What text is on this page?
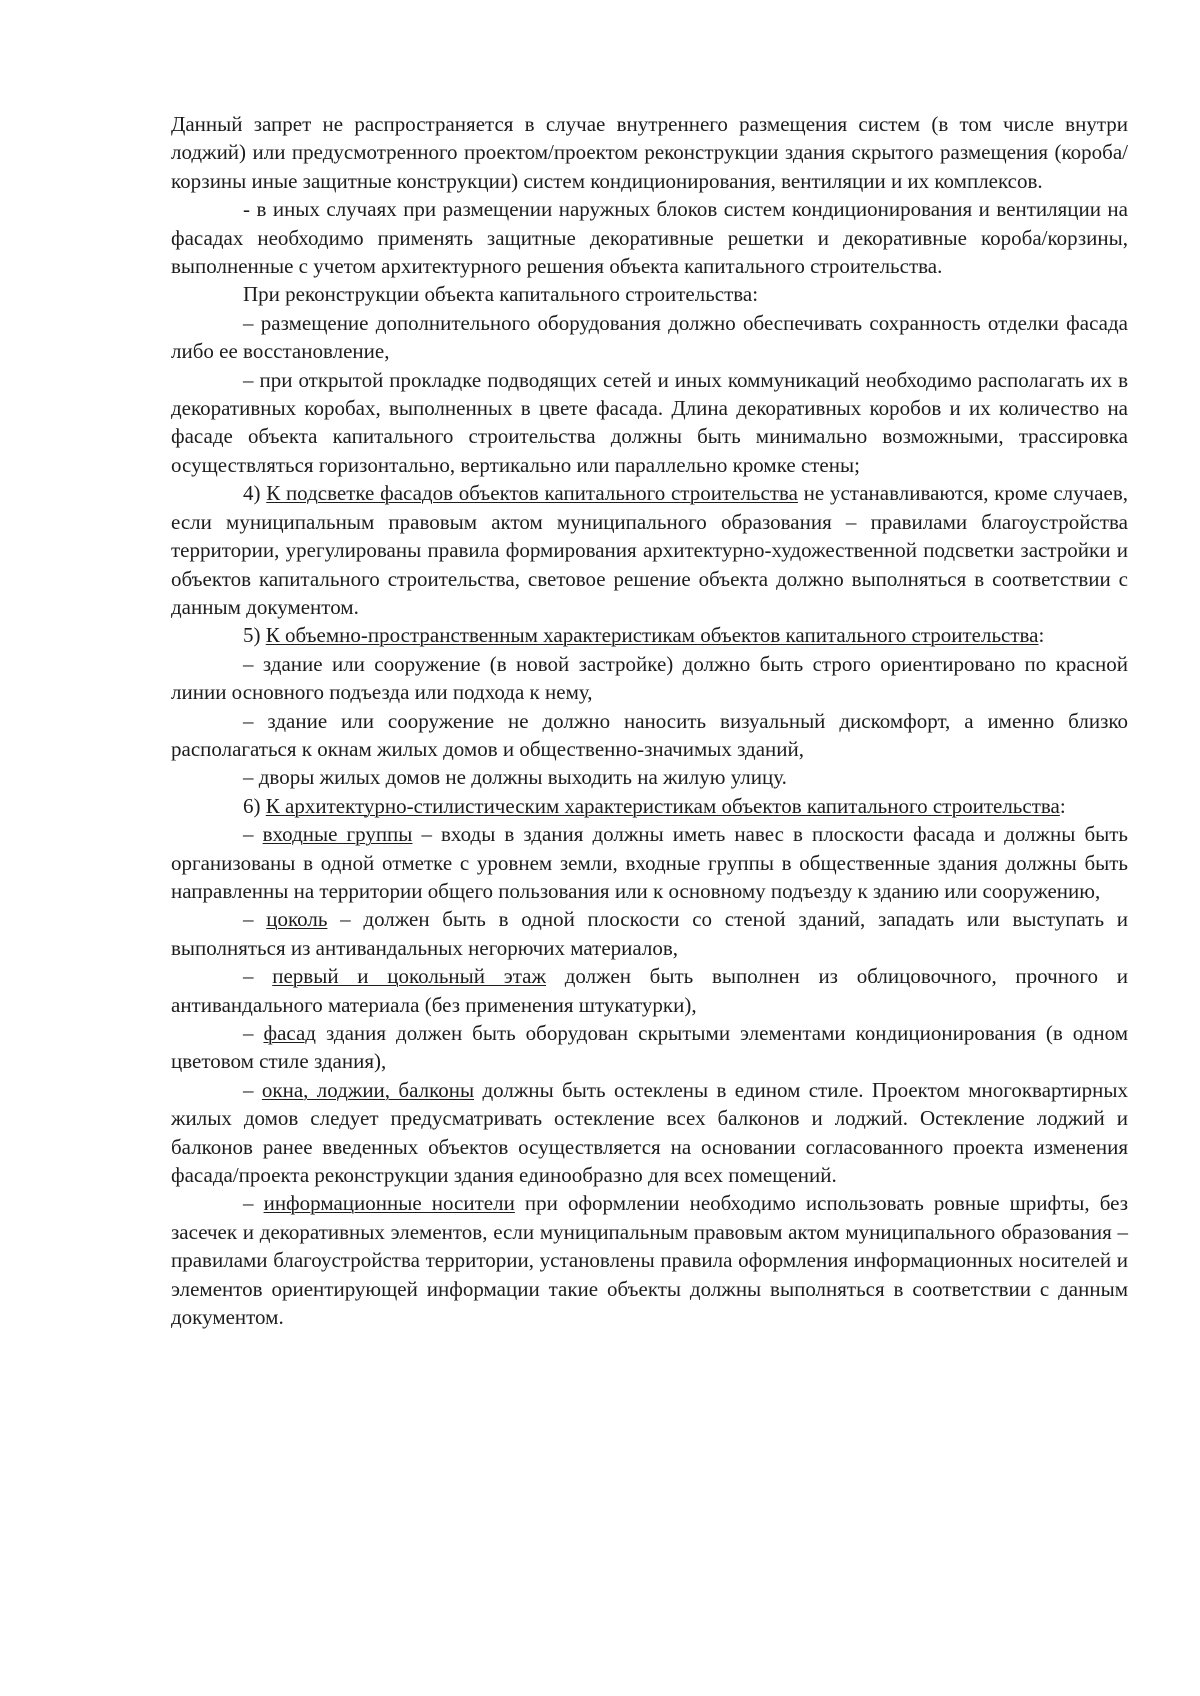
Данный запрет не распространяется в случае внутреннего размещения систем (в том числе внутри лоджий) или предусмотренного проектом/проектом реконструкции здания скрытого размещения (короба/корзины иные защитные конструкции) систем кондиционирования, вентиляции и их комплексов.

- в иных случаях при размещении наружных блоков систем кондиционирования и вентиляции на фасадах необходимо применять защитные декоративные решетки и декоративные короба/корзины, выполненные с учетом архитектурного решения объекта капитального строительства.

При реконструкции объекта капитального строительства:

– размещение дополнительного оборудования должно обеспечивать сохранность отделки фасада либо ее восстановление,

– при открытой прокладке подводящих сетей и иных коммуникаций необходимо располагать их в декоративных коробах, выполненных в цвете фасада. Длина декоративных коробов и их количество на фасаде объекта капитального строительства должны быть минимально возможными, трассировка осуществляться горизонтально, вертикально или параллельно кромке стены;

4) К подсветке фасадов объектов капитального строительства не устанавливаются, кроме случаев, если муниципальным правовым актом муниципального образования – правилами благоустройства территории, урегулированы правила формирования архитектурно-художественной подсветки застройки и объектов капитального строительства, световое решение объекта должно выполняться в соответствии с данным документом.

5) К объемно-пространственным характеристикам объектов капитального строительства:

– здание или сооружение (в новой застройке) должно быть строго ориентировано по красной линии основного подъезда или подхода к нему,

– здание или сооружение не должно наносить визуальный дискомфорт, а именно близко располагаться к окнам жилых домов и общественно-значимых зданий,

– дворы жилых домов не должны выходить на жилую улицу.

6) К архитектурно-стилистическим характеристикам объектов капитального строительства:

– входные группы – входы в здания должны иметь навес в плоскости фасада и должны быть организованы в одной отметке с уровнем земли, входные группы в общественные здания должны быть направленны на территории общего пользования или к основному подъезду к зданию или сооружению,

– цоколь – должен быть в одной плоскости со стеной зданий, западать или выступать и выполняться из антивандальных негорючих материалов,

– первый и цокольный этаж должен быть выполнен из облицовочного, прочного и антивандального материала (без применения штукатурки),

– фасад здания должен быть оборудован скрытыми элементами кондиционирования (в одном цветовом стиле здания),

– окна, лоджии, балконы должны быть остеклены в едином стиле. Проектом многоквартирных жилых домов следует предусматривать остекление всех балконов и лоджий. Остекление лоджий и балконов ранее введенных объектов осуществляется на основании согласованного проекта изменения фасада/проекта реконструкции здания единообразно для всех помещений.

– информационные носители при оформлении необходимо использовать ровные шрифты, без засечек и декоративных элементов, если муниципальным правовым актом муниципального образования – правилами благоустройства территории, установлены правила оформления информационных носителей и элементов ориентирующей информации такие объекты должны выполняться в соответствии с данным документом.
